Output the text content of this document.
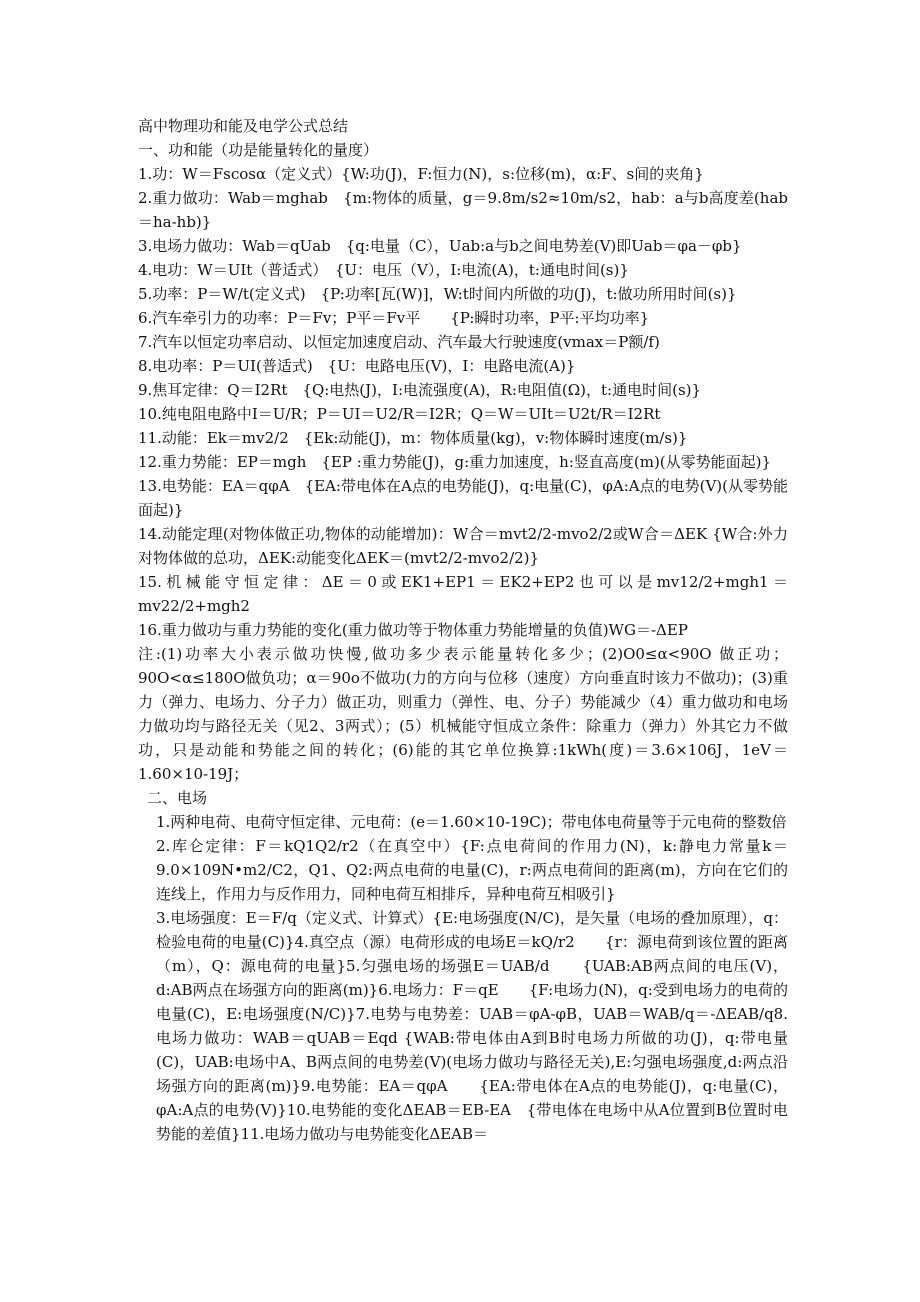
高中物理功和能及电学公式总结

一、功和能（功是能量转化的量度）

1.功：W＝Fscosα（定义式）{W:功(J)，F:恒力(N)，s:位移(m)，α:F、s间的夹角}

2.重力做功：Wab＝mghab　{m:物体的质量，g＝9.8m/s2≈10m/s2，hab：a与b高度差(hab＝ha-hb)}

3.电场力做功：Wab＝qUab　{q:电量（C），Uab:a与b之间电势差(V)即Uab＝φa－φb}

4.电功：W＝UIt（普适式）　{U：电压（V），I:电流(A)，t:通电时间(s)}

5.功率：P＝W/t(定义式)　{P:功率[瓦(W)]，W:t时间内所做的功(J)，t:做功所用时间(s)}

6.汽车牵引力的功率：P＝Fv；P平＝Fv平　　{P:瞬时功率，P平:平均功率}

7.汽车以恒定功率启动、以恒定加速度启动、汽车最大行驶速度(vmax＝P额/f)

8.电功率：P＝UI(普适式)　{U：电路电压(V)，I：电路电流(A)}

9.焦耳定律：Q＝I2Rt　{Q:电热(J)，I:电流强度(A)，R:电阻值(Ω)，t:通电时间(s)}

10.纯电阻电路中I＝U/R；P＝UI＝U2/R＝I2R；Q＝W＝UIt＝U2t/R＝I2Rt

11.动能：Ek＝mv2/2　{Ek:动能(J)，m：物体质量(kg)，v:物体瞬时速度(m/s)}

12.重力势能：EP＝mgh　{EP :重力势能(J)，g:重力加速度，h:竖直高度(m)(从零势能面起)}

13.电势能：EA＝qφA　{EA:带电体在A点的电势能(J)，q:电量(C)，φA:A点的电势(V)(从零势能面起)}

14.动能定理(对物体做正功,物体的动能增加)：W合＝mvt2/2-mvo2/2或W合＝ΔEK {W合:外力对物体做的总功，ΔEK:动能变化ΔEK＝(mvt2/2-mvo2/2)}

15.机械能守恒定律：ΔE＝0或EK1+EP1＝EK2+EP2也可以是mv12/2+mgh1＝mv22/2+mgh2

16.重力做功与重力势能的变化(重力做功等于物体重力势能增量的负值)WG＝-ΔEP

注:(1)功率大小表示做功快慢,做功多少表示能量转化多少；(2)O0≤α<90O 做正功；90O<α≤180O做负功；α＝90o不做功(力的方向与位移（速度）方向垂直时该力不做功)；(3)重力（弹力、电场力、分子力）做正功，则重力（弹性、电、分子）势能减少（4）重力做功和电场力做功均与路径无关（见2、3两式）；(5）机械能守恒成立条件：除重力（弹力）外其它力不做功，只是动能和势能之间的转化；(6)能的其它单位换算:1kWh(度)＝3.6×106J，1eV＝1.60×10-19J；

二、电场

1.两种电荷、电荷守恒定律、元电荷：(e＝1.60×10-19C)；带电体电荷量等于元电荷的整数倍

2.库仑定律：F＝kQ1Q2/r2（在真空中）{F:点电荷间的作用力(N)，k:静电力常量k＝9.0×109N•m2/C2，Q1、Q2:两点电荷的电量(C)，r:两点电荷间的距离(m)，方向在它们的连线上，作用力与反作用力，同种电荷互相排斥，异种电荷互相吸引}

3.电场强度：E＝F/q（定义式、计算式）{E:电场强度(N/C)，是矢量（电场的叠加原理），q：检验电荷的电量(C)}4.真空点（源）电荷形成的电场E＝kQ/r2　　{r：源电荷到该位置的距离（m），Q：源电荷的电量}5.匀强电场的场强E＝UAB/d　　{UAB:AB两点间的电压(V)，d:AB两点在场强方向的距离(m)}6.电场力：F＝qE　　{F:电场力(N)，q:受到电场力的电荷的电量(C)，E:电场强度(N/C)}7.电势与电势差：UAB＝φA-φB，UAB＝WAB/q＝-ΔEAB/q8.电场力做功：WAB＝qUAB＝Eqd {WAB:带电体由A到B时电场力所做的功(J)，q:带电量(C)，UAB:电场中A、B两点间的电势差(V)(电场力做功与路径无关),E:匀强电场强度,d:两点沿场强方向的距离(m)}9.电势能：EA＝qφA　　{EA:带电体在A点的电势能(J)，q:电量(C)，φA:A点的电势(V)}10.电势能的变化ΔEAB＝EB-EA　{带电体在电场中从A位置到B位置时电势能的差值}11.电场力做功与电势能变化ΔEAB＝
